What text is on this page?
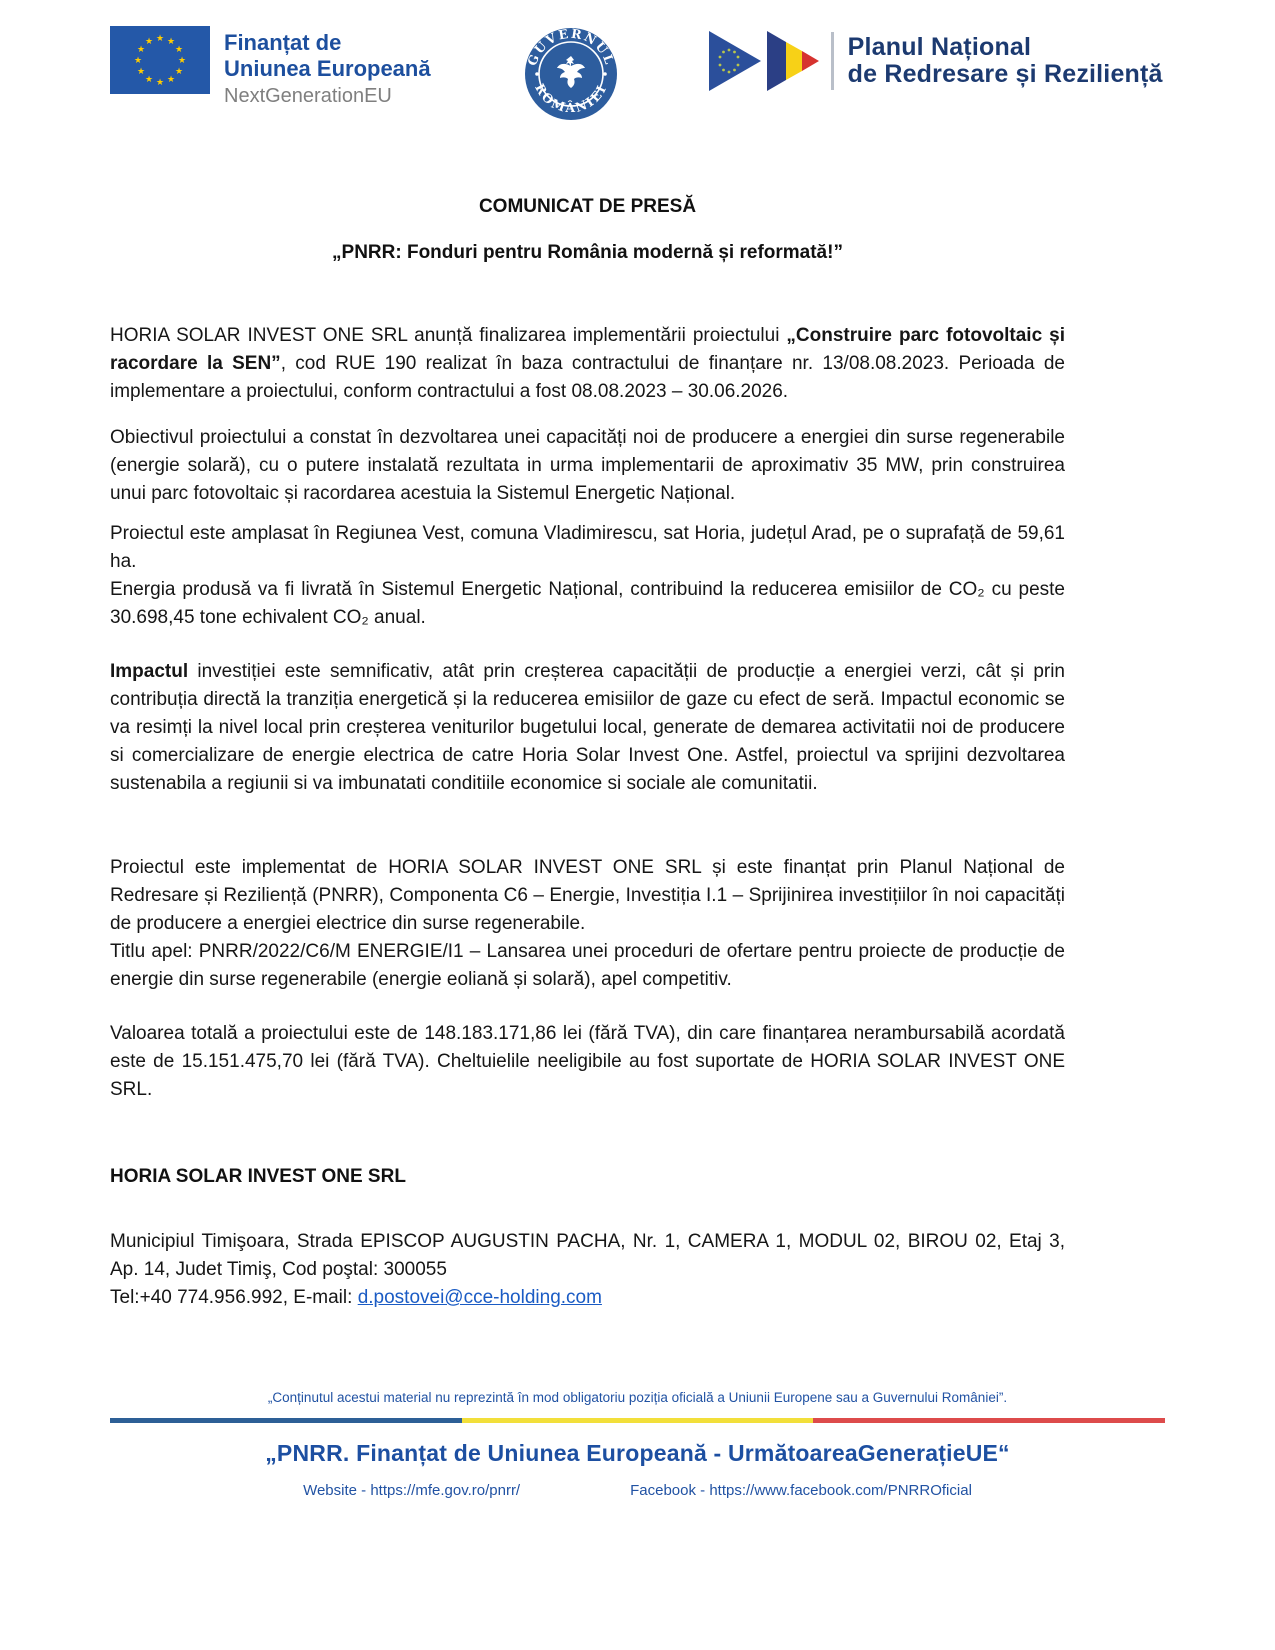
★ ★
★
★
★
★
★
★
★
★
★
★	Finanțat de
Uniunea Europeană
NextGenerationEU
GUVERNUL
ROMÂNIEI
Planul Național
de Redresare și Reziliență
COMUNICAT DE PRESĂ
„PNRR: Fonduri pentru România modernă și reformată!”

HORIA SOLAR INVEST ONE SRL anunță finalizarea implementării proiectului „Construire parc fotovoltaic și racordare la SEN”, cod RUE 190 realizat în baza contractului de finanțare nr. 13/08.08.2023. Perioada de implementare a proiectului, conform contractului a fost 08.08.2023 – 30.06.2026.

Obiectivul proiectului a constat în dezvoltarea unei capacități noi de producere a energiei din surse regenerabile (energie solară), cu o putere instalată rezultata in urma implementarii de aproximativ 35 MW, prin construirea unui parc fotovoltaic și racordarea acestuia la Sistemul Energetic Național.

Proiectul este amplasat în Regiunea Vest, comuna Vladimirescu, sat Horia, județul Arad, pe o suprafață de 59,61 ha.

Energia produsă va fi livrată în Sistemul Energetic Național, contribuind la reducerea emisiilor de CO₂ cu peste 30.698,45 tone echivalent CO₂ anual.

Impactul investiției este semnificativ, atât prin creșterea capacității de producție a energiei verzi, cât și prin contribuția directă la tranziția energetică și la reducerea emisiilor de gaze cu efect de seră. Impactul economic se va resimți la nivel local prin creșterea veniturilor bugetului local, generate de demarea activitatii noi de producere si comercializare de energie electrica de catre Horia Solar Invest One. Astfel, proiectul va sprijini dezvoltarea sustenabila a regiunii si va imbunatati conditiile economice si sociale ale comunitatii.

Proiectul este implementat de HORIA SOLAR INVEST ONE SRL și este finanțat prin Planul Național de Redresare și Reziliență (PNRR), Componenta C6 – Energie, Investiția I.1 – Sprijinirea investițiilor în noi capacități de producere a energiei electrice din surse regenerabile.

Titlu apel: PNRR/2022/C6/M ENERGIE/I1 – Lansarea unei proceduri de ofertare pentru proiecte de producție de energie din surse regenerabile (energie eoliană și solară), apel competitiv.

Valoarea totală a proiectului este de 148.183.171,86 lei (fără TVA), din care finanțarea nerambursabilă acordată este de 15.151.475,70 lei (fără TVA). Cheltuielile neeligibile au fost suportate de HORIA SOLAR INVEST ONE SRL.

HORIA SOLAR INVEST ONE SRL

Municipiul Timişoara, Strada EPISCOP AUGUSTIN PACHA, Nr. 1, CAMERA 1, MODUL 02, BIROU 02, Etaj 3, Ap. 14, Judet Timiş, Cod poştal: 300055

Tel:+40 774.956.992, E-mail: d.postovei@cce-holding.com

„Conținutul acestui material nu reprezintă în mod obligatoriu poziția oficială a Uniunii Europene sau a Guvernului României”.
„PNRR. Finanțat de Uniunea Europeană - UrmătoareaGenerațieUE“
Website - https://mfe.gov.ro/pnrr/	Facebook - https://www.facebook.com/PNRROficial
